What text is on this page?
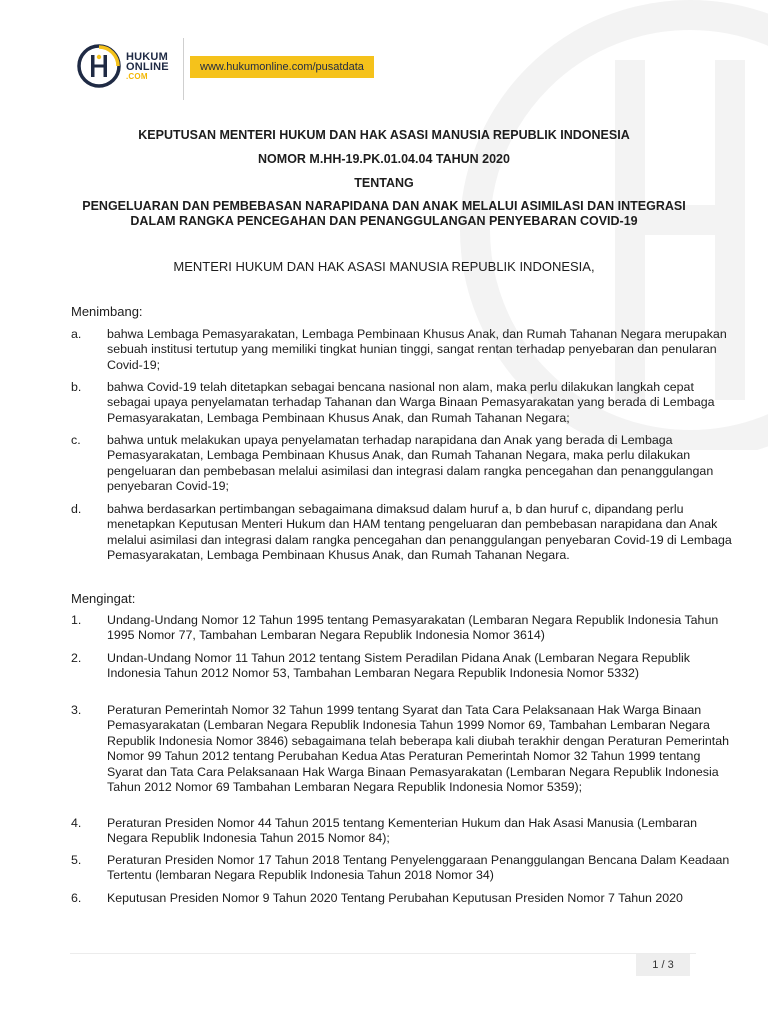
HUKUM
ONLINE
.COM
www.hukumonline.com/pusatdata
KEPUTUSAN MENTERI HUKUM DAN HAK ASASI MANUSIA REPUBLIK INDONESIA
NOMOR M.HH-19.PK.01.04.04 TAHUN 2020
TENTANG
PENGELUARAN DAN PEMBEBASAN NARAPIDANA DAN ANAK MELALUI ASIMILASI DAN INTEGRASI DALAM RANGKA PENCEGAHAN DAN PENANGGULANGAN PENYEBARAN COVID-19
MENTERI HUKUM DAN HAK ASASI MANUSIA REPUBLIK INDONESIA,
Menimbang:
a. bahwa Lembaga Pemasyarakatan, Lembaga Pembinaan Khusus Anak, dan Rumah Tahanan Negara merupakan sebuah institusi tertutup yang memiliki tingkat hunian tinggi, sangat rentan terhadap penyebaran dan penularan Covid-19;
b. bahwa Covid-19 telah ditetapkan sebagai bencana nasional non alam, maka perlu dilakukan langkah cepat sebagai upaya penyelamatan terhadap Tahanan dan Warga Binaan Pemasyarakatan yang berada di Lembaga Pemasyarakatan, Lembaga Pembinaan Khusus Anak, dan Rumah Tahanan Negara;
c. bahwa untuk melakukan upaya penyelamatan terhadap narapidana dan Anak yang berada di Lembaga Pemasyarakatan, Lembaga Pembinaan Khusus Anak, dan Rumah Tahanan Negara, maka perlu dilakukan pengeluaran dan pembebasan melalui asimilasi dan integrasi dalam rangka pencegahan dan penanggulangan penyebaran Covid-19;
d. bahwa berdasarkan pertimbangan sebagaimana dimaksud dalam huruf a, b dan huruf c, dipandang perlu menetapkan Keputusan Menteri Hukum dan HAM tentang pengeluaran dan pembebasan narapidana dan Anak melalui asimilasi dan integrasi dalam rangka pencegahan dan penanggulangan penyebaran Covid-19 di Lembaga Pemasyarakatan, Lembaga Pembinaan Khusus Anak, dan Rumah Tahanan Negara.
Mengingat:
1. Undang-Undang Nomor 12 Tahun 1995 tentang Pemasyarakatan (Lembaran Negara Republik Indonesia Tahun 1995 Nomor 77, Tambahan Lembaran Negara Republik Indonesia Nomor 3614)
2. Undan-Undang Nomor 11 Tahun 2012 tentang Sistem Peradilan Pidana Anak (Lembaran Negara Republik Indonesia Tahun 2012 Nomor 53, Tambahan Lembaran Negara Republik Indonesia Nomor 5332)
3. Peraturan Pemerintah Nomor 32 Tahun 1999 tentang Syarat dan Tata Cara Pelaksanaan Hak Warga Binaan Pemasyarakatan (Lembaran Negara Republik Indonesia Tahun 1999 Nomor 69, Tambahan Lembaran Negara Republik Indonesia Nomor 3846) sebagaimana telah beberapa kali diubah terakhir dengan Peraturan Pemerintah Nomor 99 Tahun 2012 tentang Perubahan Kedua Atas Peraturan Pemerintah Nomor 32 Tahun 1999 tentang Syarat dan Tata Cara Pelaksanaan Hak Warga Binaan Pemasyarakatan (Lembaran Negara Republik Indonesia Tahun 2012 Nomor 69 Tambahan Lembaran Negara Republik Indonesia Nomor 5359);
4. Peraturan Presiden Nomor 44 Tahun 2015 tentang Kementerian Hukum dan Hak Asasi Manusia (Lembaran Negara Republik Indonesia Tahun 2015 Nomor 84);
5. Peraturan Presiden Nomor 17 Tahun 2018 Tentang Penyelenggaraan Penanggulangan Bencana Dalam Keadaan Tertentu (lembaran Negara Republik Indonesia Tahun 2018 Nomor 34)
6. Keputusan Presiden Nomor 9 Tahun 2020 Tentang Perubahan Keputusan Presiden Nomor 7 Tahun 2020
1 / 3
